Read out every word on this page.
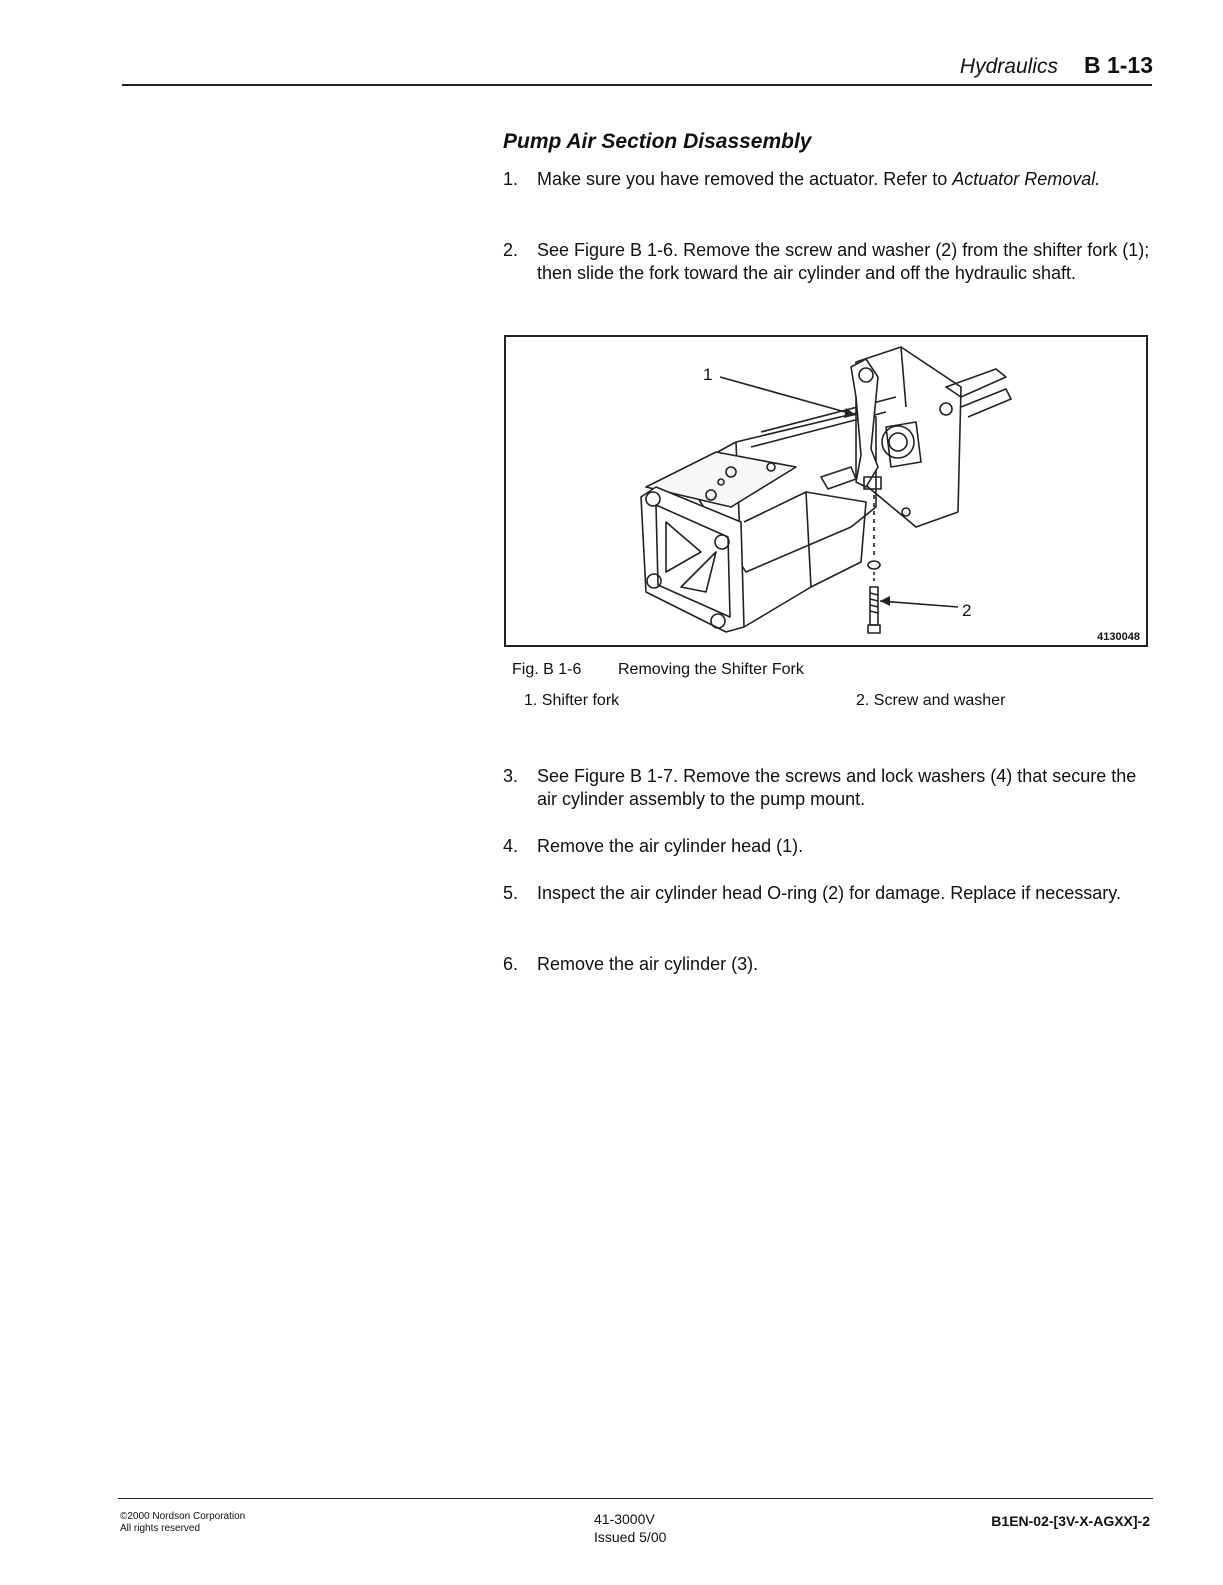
Hydraulics B 1-13
Pump Air Section Disassembly
1.	Make sure you have removed the actuator. Refer to Actuator Removal.
2.	See Figure B 1-6. Remove the screw and washer (2) from the shifter fork (1); then slide the fork toward the air cylinder and off the hydraulic shaft.
1
2
4130048
Fig. B 1-6 Removing the Shifter Fork
1. Shifter fork	2. Screw and washer
3.	See Figure B 1-7. Remove the screws and lock washers (4) that secure the air cylinder assembly to the pump mount.
4.	Remove the air cylinder head (1).
5.	Inspect the air cylinder head O-ring (2) for damage. Replace if necessary.
6.	Remove the air cylinder (3).
©2000 Nordson Corporation
All rights reserved
41-3000V
Issued 5/00
B1EN-02-[3V-X-AGXX]-2
